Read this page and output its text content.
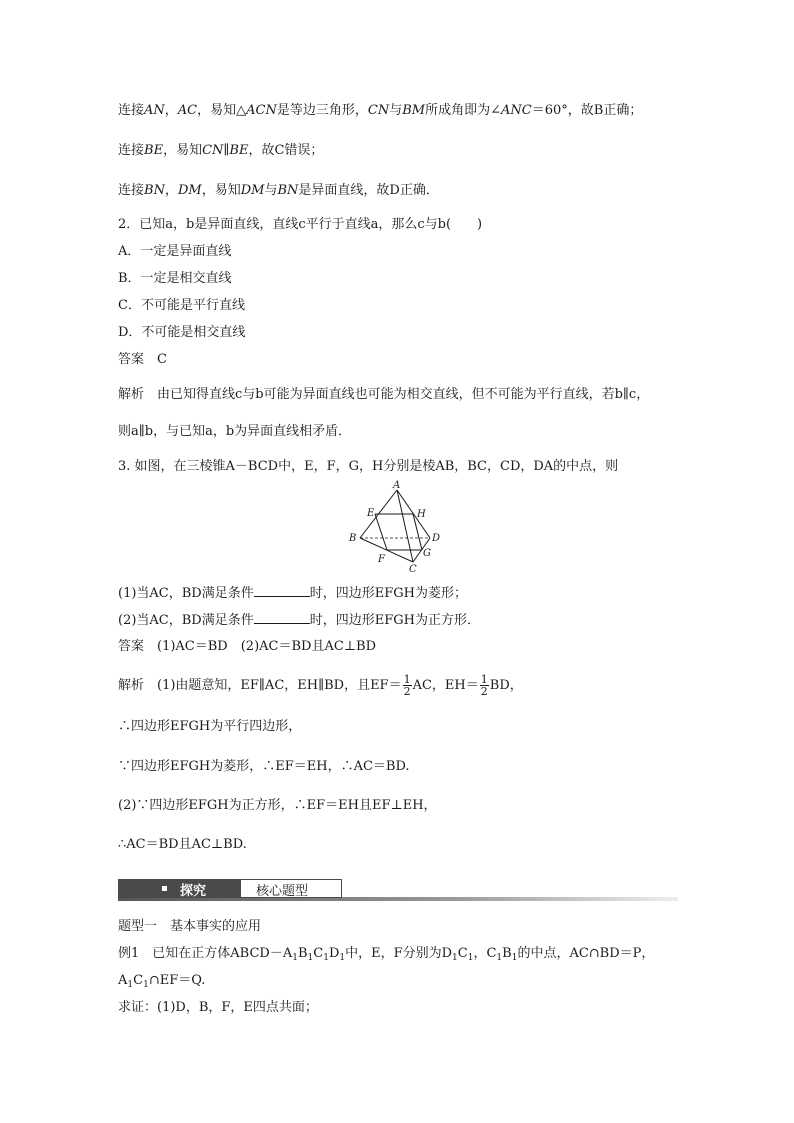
连接AN，AC，易知△ACN是等边三角形，CN与BM所成角即为∠ANC＝60°，故B正确；
连接BE，易知CN∥BE，故C错误；
连接BN，DM，易知DM与BN是异面直线，故D正确．
2．已知a，b是异面直线，直线c平行于直线a，那么c与b(　　)
A．一定是异面直线
B．一定是相交直线
C．不可能是平行直线
D．不可能是相交直线
答案　C
解析　由已知得直线c与b可能为异面直线也可能为相交直线，但不可能为平行直线，若b∥c，
则a∥b，与已知a，b为异面直线相矛盾．
3. 如图，在三棱锥A－BCD中，E，F，G，H分别是棱AB，BC，CD，DA的中点，则
A
E	H
B	D
F
G
C
(1)当AC，BD满足条件	时，四边形EFGH为菱形；
(2)当AC，BD满足条件	时，四边形EFGH为正方形．
答案　(1)AC＝BD　(2)AC＝BD且AC⊥BD
解析　(1)由题意知，EF∥AC，EH∥BD，且$EF= \frac{1}{2}$ AC，$EH= \frac{1}{2}$ BD，
∴四边形EFGH为平行四边形，
∵四边形EFGH为菱形，∴EF＝EH，∴AC＝BD.
(2)∵四边形EFGH为正方形，∴EF＝EH且EF⊥EH，
∴AC＝BD且AC⊥BD.
探究	核心题型
题型一　基本事实的应用
例1　已知在正方体$ABCD-A_1B_1C_1D_1$中，E，F分别为$D_1C_1$，$C_1B_1$的中点，AC∩BD＝P，
$A_1C_1\cap EF=Q$.
求证：(1)D，B，F，E四点共面；
